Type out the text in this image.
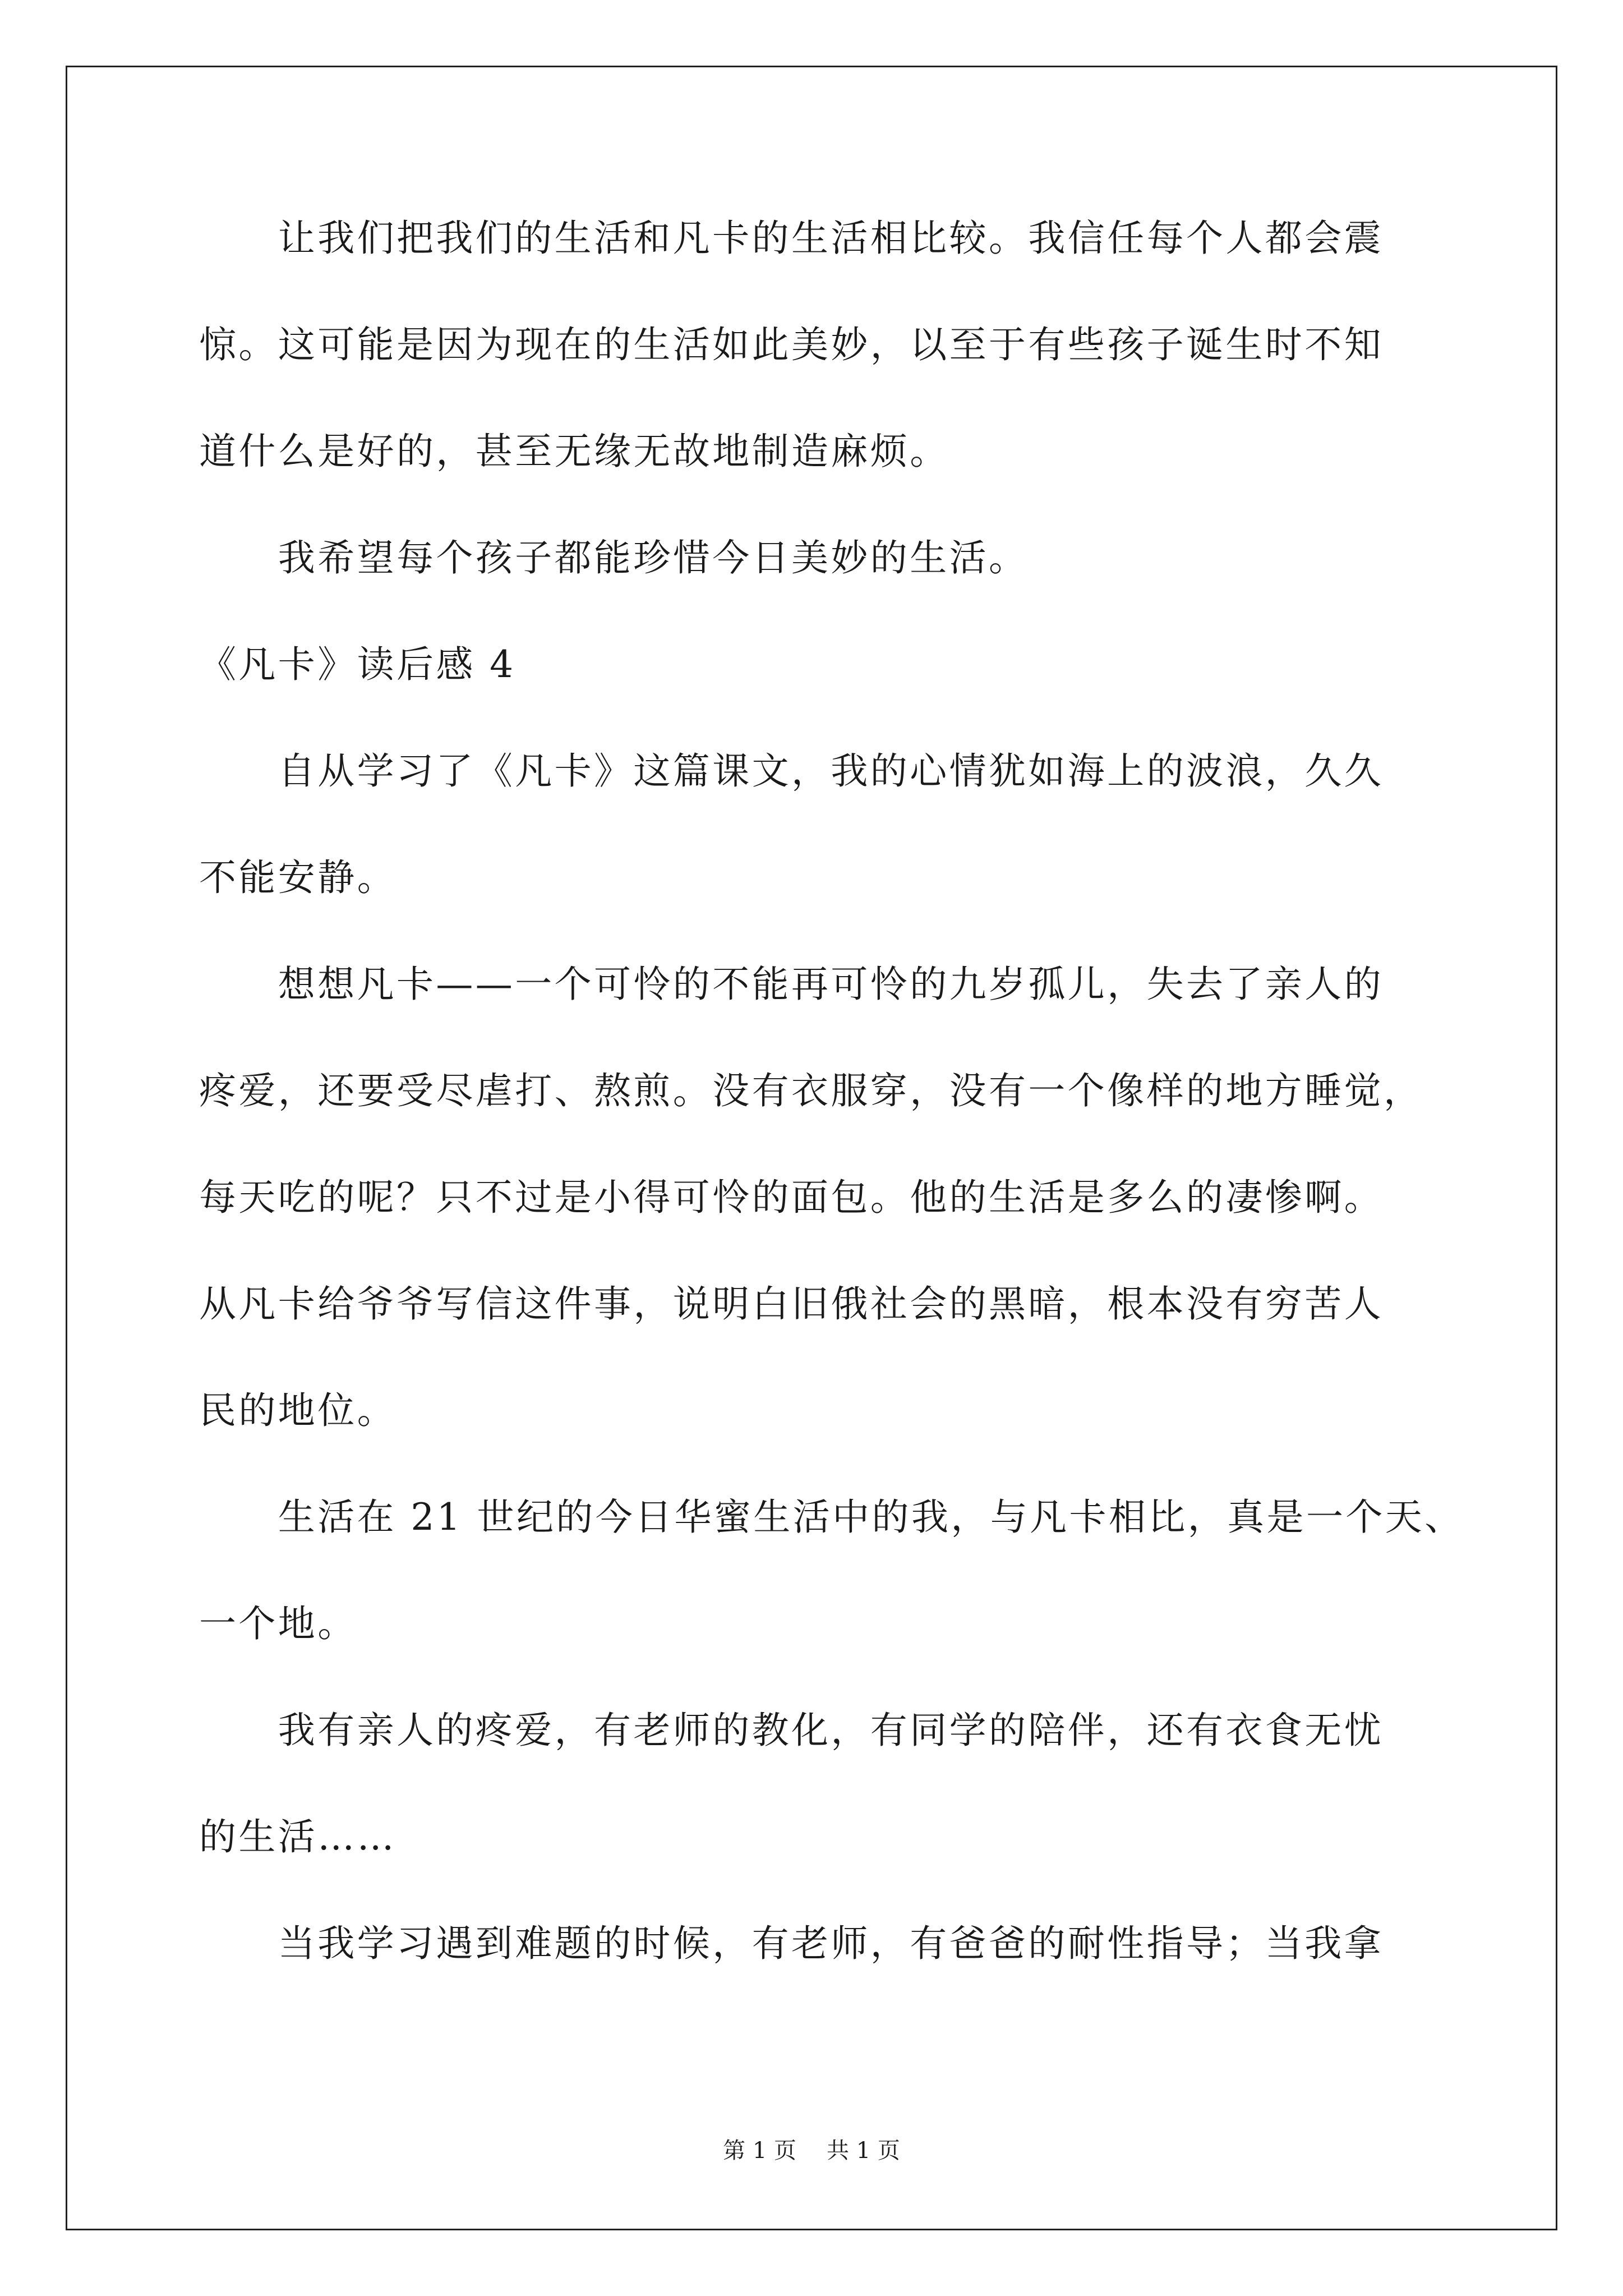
　　让我们把我们的生活和凡卡的生活相比较。我信任每个人都会震
惊。这可能是因为现在的生活如此美妙，以至于有些孩子诞生时不知
道什么是好的，甚至无缘无故地制造麻烦。
　　我希望每个孩子都能珍惜今日美妙的生活。
《凡卡》读后感 4
　　自从学习了《凡卡》这篇课文，我的心情犹如海上的波浪，久久
不能安静。
　　想想凡卡——一个可怜的不能再可怜的九岁孤儿，失去了亲人的
疼爱，还要受尽虐打、熬煎。没有衣服穿，没有一个像样的地方睡觉，
每天吃的呢？只不过是小得可怜的面包。他的生活是多么的凄惨啊。
从凡卡给爷爷写信这件事，说明白旧俄社会的黑暗，根本没有穷苦人
民的地位。
　　生活在 21 世纪的今日华蜜生活中的我，与凡卡相比，真是一个天、
一个地。
　　我有亲人的疼爱，有老师的教化，有同学的陪伴，还有衣食无忧
的生活……
　　当我学习遇到难题的时候，有老师，有爸爸的耐性指导；当我拿
第 1 页 共 1 页
